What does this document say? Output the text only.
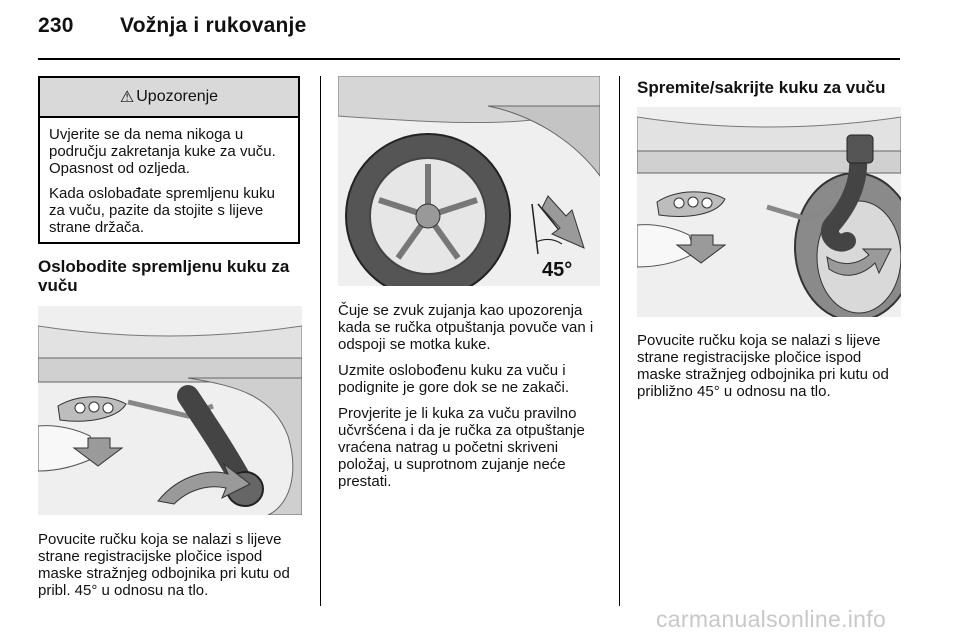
230 Vožnja i rukovanje
⚠ Upozorenje

Uvjerite se da nema nikoga u području zakretanja kuke za vuču. Opasnost od ozljeda.

Kada oslobađate spremljenu kuku za vuču, pazite da stojite s lijeve strane držača.

Oslobodite spremljenu kuku za vuču
Povucite ručku koja se nalazi s lijeve strane registracijske pločice ispod maske stražnjeg odbojnika pri kutu od pribl. 45° u odnosu na tlo.
45°

Čuje se zvuk zujanja kao upozorenja kada se ručka otpuštanja povuče van i odspoji se motka kuke.

Uzmite oslobođenu kuku za vuču i podignite je gore dok se ne zakači.

Provjerite je li kuka za vuču pravilno učvršćena i da je ručka za otpuštanje vraćena natrag u početni skriveni položaj, u suprotnom zujanje neće prestati.

Spremite/sakrijte kuku za vuču
Povucite ručku koja se nalazi s lijeve strane registracijske pločice ispod maske stražnjeg odbojnika pri kutu od približno 45° u odnosu na tlo.
carmanualsonline.info
